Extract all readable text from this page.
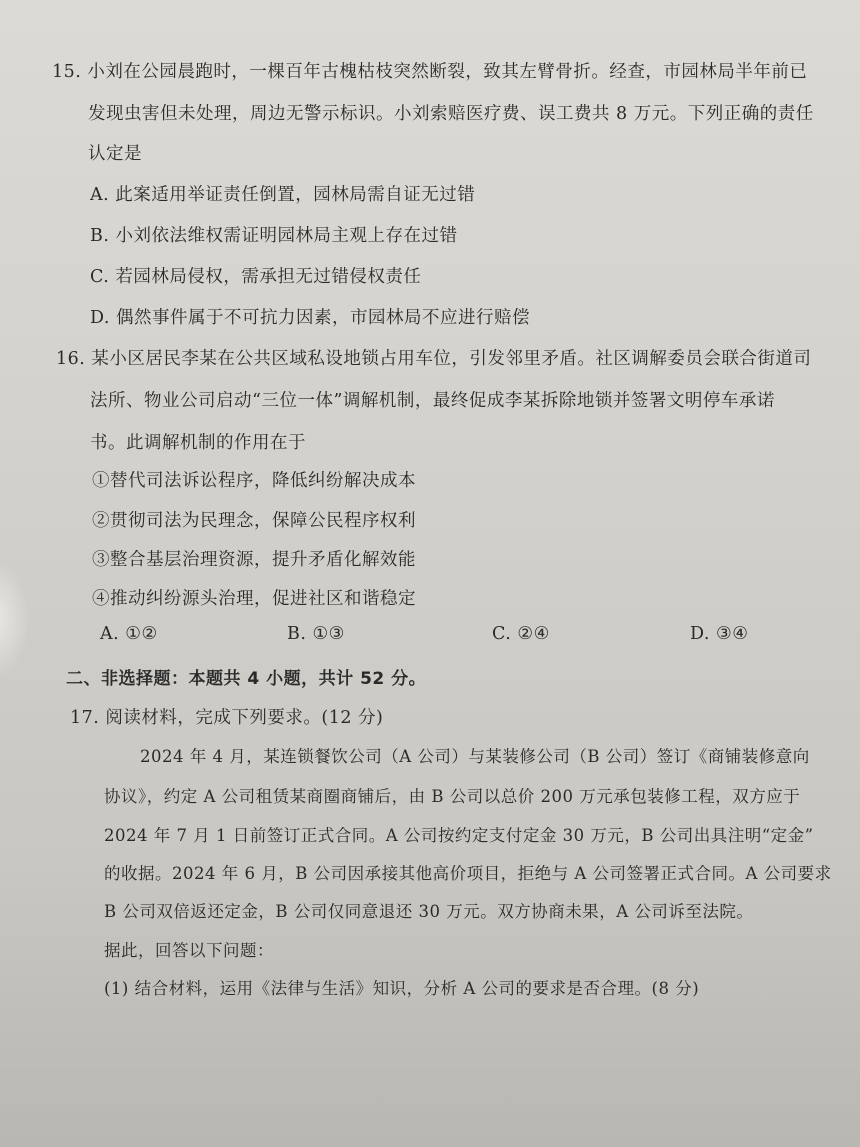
15. 小刘在公园晨跑时，一棵百年古槐枯枝突然断裂，致其左臂骨折。经查，市园林局半年前已
发现虫害但未处理，周边无警示标识。小刘索赔医疗费、误工费共 8 万元。下列正确的责任
认定是
A. 此案适用举证责任倒置，园林局需自证无过错
B. 小刘依法维权需证明园林局主观上存在过错
C. 若园林局侵权，需承担无过错侵权责任
D. 偶然事件属于不可抗力因素，市园林局不应进行赔偿
16. 某小区居民李某在公共区域私设地锁占用车位，引发邻里矛盾。社区调解委员会联合街道司
法所、物业公司启动“三位一体”调解机制，最终促成李某拆除地锁并签署文明停车承诺
书。此调解机制的作用在于
①替代司法诉讼程序，降低纠纷解决成本
②贯彻司法为民理念，保障公民程序权利
③整合基层治理资源，提升矛盾化解效能
④推动纠纷源头治理，促进社区和谐稳定
A. ①②	B. ①③	C. ②④	D. ③④
二、非选择题：本题共 4 小题，共计 52 分。
17. 阅读材料，完成下列要求。(12 分)
2024 年 4 月，某连锁餐饮公司（A 公司）与某装修公司（B 公司）签订《商铺装修意向
协议》，约定 A 公司租赁某商圈商铺后，由 B 公司以总价 200 万元承包装修工程，双方应于
2024 年 7 月 1 日前签订正式合同。A 公司按约定支付定金 30 万元，B 公司出具注明“定金”
的收据。2024 年 6 月，B 公司因承接其他高价项目，拒绝与 A 公司签署正式合同。A 公司要求
B 公司双倍返还定金，B 公司仅同意退还 30 万元。双方协商未果，A 公司诉至法院。
据此，回答以下问题：
(1) 结合材料，运用《法律与生活》知识，分析 A 公司的要求是否合理。(8 分)
